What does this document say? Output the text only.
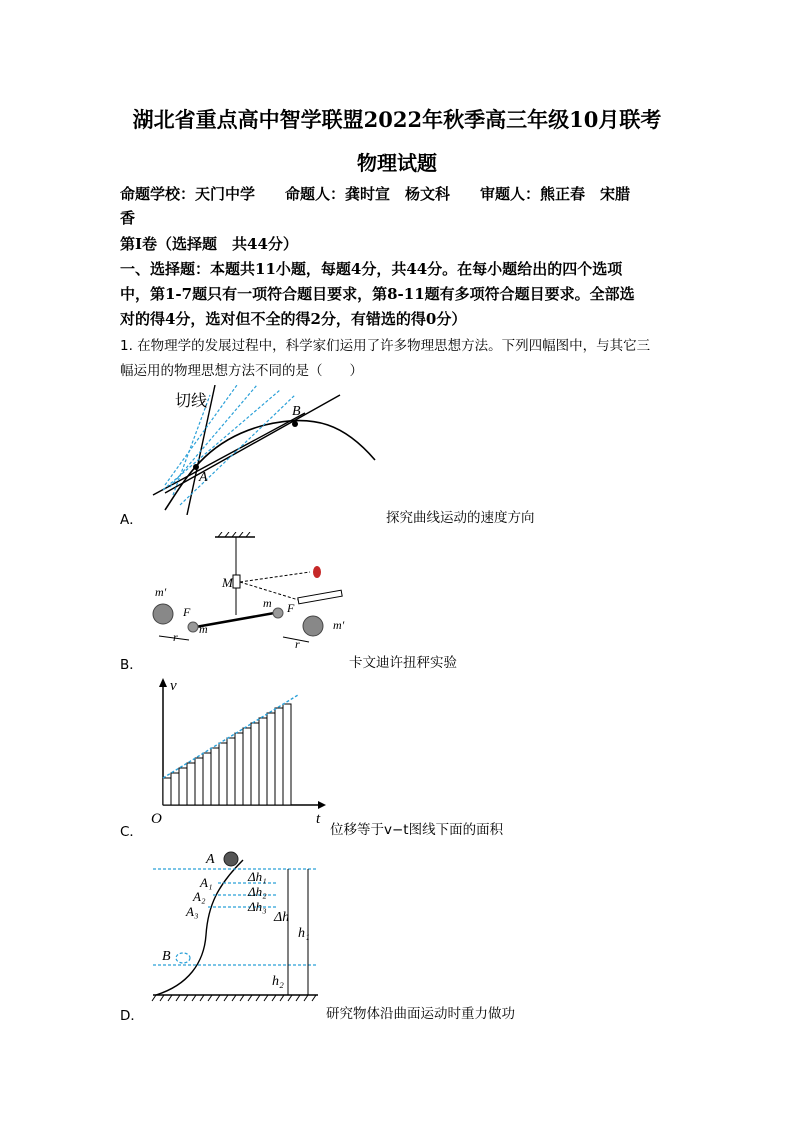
湖北省重点高中智学联盟2022年秋季高三年级10月联考
物理试题
命题学校：天门中学　　命题人：龚时宣　杨文科　　审题人：熊正春　宋腊
香
第Ⅰ卷（选择题　共44分）
一、选择题：本题共11小题，每题4分，共44分。在每小题给出的四个选项
中，第1-7题只有一项符合题目要求，第8-11题有多项符合题目要求。全部选
对的得4分，选对但不全的得2分，有错选的得0分）
1. 在物理学的发展过程中，科学家们运用了许多物理思想方法。下列四幅图中，与其它三
幅运用的物理思想方法不同的是（　　）
A．	探究曲线运动的速度方向
切线
A
B
B．	卡文迪许扭秤实验
M
m′
m′
m
m
F	F
r	r
C．	位移等于v−t图线下面的面积
v
t
O
D．	研究物体沿曲面运动时重力做功
A
A₁
A₂
A₃
B
Δh₁
Δh₂
Δh₃
Δh
h₁
h₂
